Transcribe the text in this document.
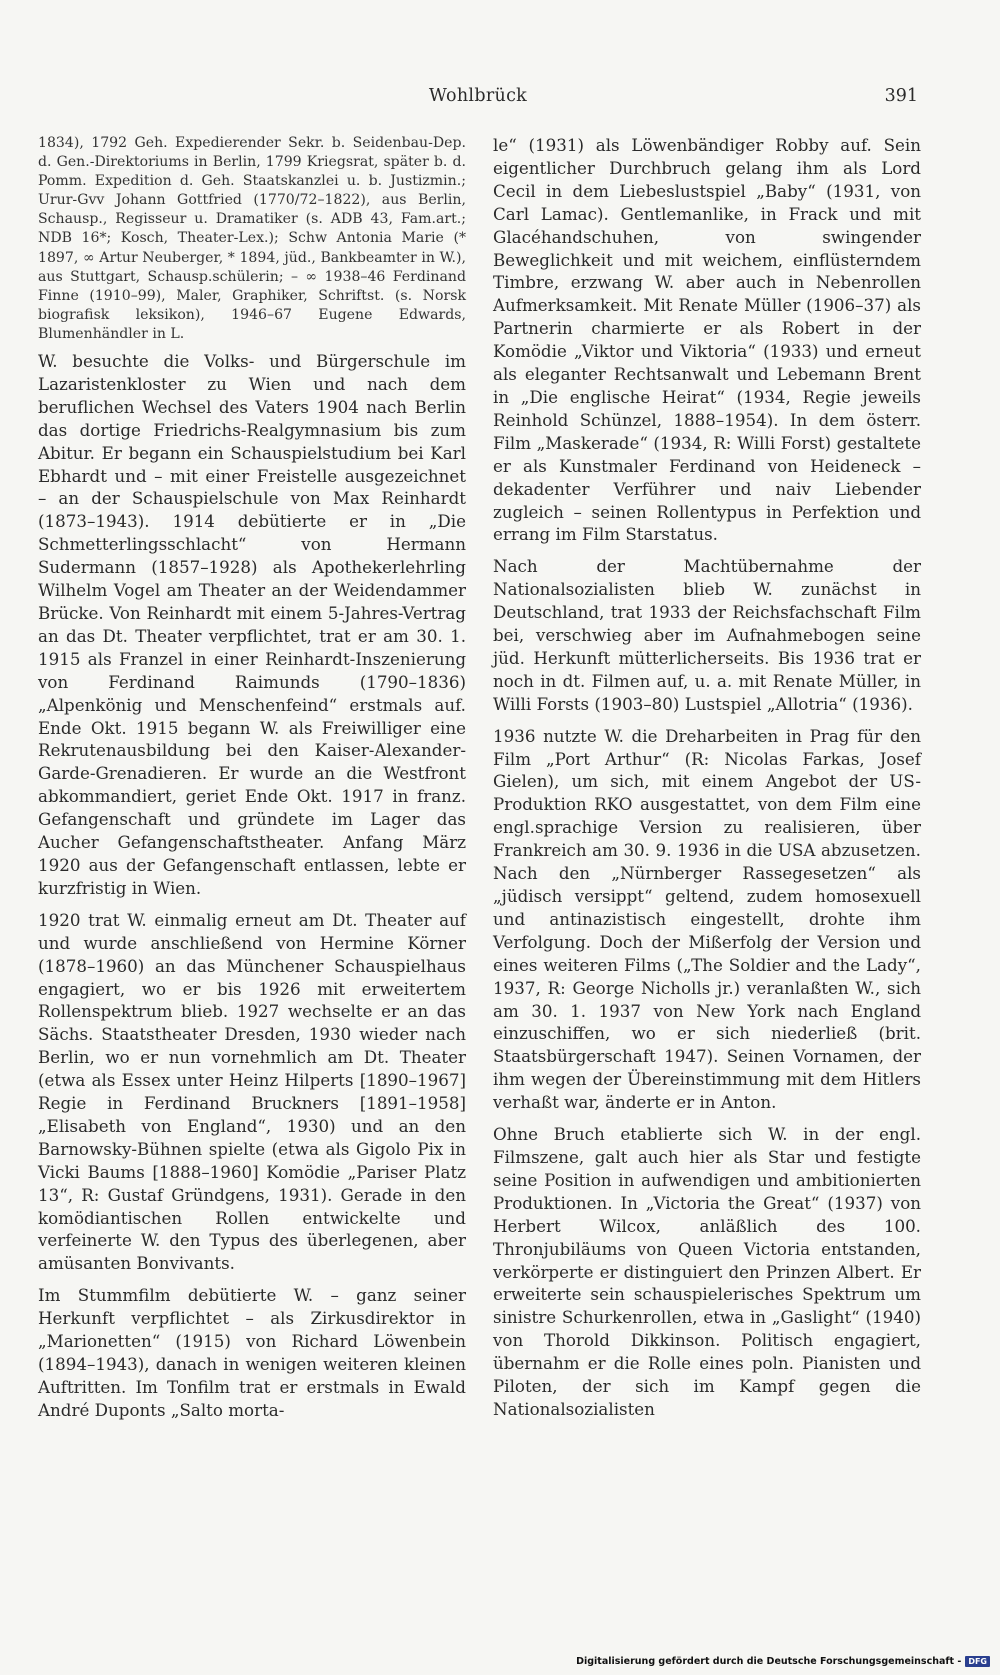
Wohlbrück	391

1834), 1792 Geh. Expedierender Sekr. b. Seidenbau-Dep. d. Gen.-Direktoriums in Berlin, 1799 Kriegsrat, später b. d. Pomm. Expedition d. Geh. Staatskanzlei u. b. Justizmin.; Urur-Gvv Johann Gottfried (1770/72–1822), aus Berlin, Schausp., Regisseur u. Dramatiker (s. ADB 43, Fam.art.; NDB 16*; Kosch, Theater-Lex.); Schw Antonia Marie (* 1897, ∞ Artur Neuberger, * 1894, jüd., Bankbeamter in W.), aus Stuttgart, Schausp.schülerin; – ∞ 1938–46 Ferdinand Finne (1910–99), Maler, Graphiker, Schriftst. (s. Norsk biografisk leksikon), 1946–67 Eugene Edwards, Blumenhändler in L.

W. besuchte die Volks- und Bürgerschule im Lazaristenkloster zu Wien und nach dem beruflichen Wechsel des Vaters 1904 nach Berlin das dortige Friedrichs-Realgymnasium bis zum Abitur. Er begann ein Schauspielstudium bei Karl Ebhardt und – mit einer Freistelle ausgezeichnet – an der Schauspielschule von Max Reinhardt (1873–1943). 1914 debütierte er in „Die Schmetterlingsschlacht“ von Hermann Sudermann (1857–1928) als Apothekerlehrling Wilhelm Vogel am Theater an der Weidendammer Brücke. Von Reinhardt mit einem 5-Jahres-Vertrag an das Dt. Theater verpflichtet, trat er am 30. 1. 1915 als Franzel in einer Reinhardt-Inszenierung von Ferdinand Raimunds (1790–1836) „Alpenkönig und Menschenfeind“ erstmals auf. Ende Okt. 1915 begann W. als Freiwilliger eine Rekrutenausbildung bei den Kaiser-Alexander-Garde-Grenadieren. Er wurde an die Westfront abkommandiert, geriet Ende Okt. 1917 in franz. Gefangenschaft und gründete im Lager das Aucher Gefangenschaftstheater. Anfang März 1920 aus der Gefangenschaft entlassen, lebte er kurzfristig in Wien.

1920 trat W. einmalig erneut am Dt. Theater auf und wurde anschließend von Hermine Körner (1878–1960) an das Münchener Schauspielhaus engagiert, wo er bis 1926 mit erweitertem Rollenspektrum blieb. 1927 wechselte er an das Sächs. Staatstheater Dresden, 1930 wieder nach Berlin, wo er nun vornehmlich am Dt. Theater (etwa als Essex unter Heinz Hilperts [1890–1967] Regie in Ferdinand Bruckners [1891–1958] „Elisabeth von England“, 1930) und an den Barnowsky-Bühnen spielte (etwa als Gigolo Pix in Vicki Baums [1888–1960] Komödie „Pariser Platz 13“, R: Gustaf Gründgens, 1931). Gerade in den komödiantischen Rollen entwickelte und verfeinerte W. den Typus des überlegenen, aber amüsanten Bonvivants.

Im Stummfilm debütierte W. – ganz seiner Herkunft verpflichtet – als Zirkusdirektor in „Marionetten“ (1915) von Richard Löwenbein (1894–1943), danach in wenigen weiteren kleinen Auftritten. Im Tonfilm trat er erstmals in Ewald André Duponts „Salto morta-

le“ (1931) als Löwenbändiger Robby auf. Sein eigentlicher Durchbruch gelang ihm als Lord Cecil in dem Liebeslustspiel „Baby“ (1931, von Carl Lamac). Gentlemanlike, in Frack und mit Glacéhandschuhen, von swingender Beweglichkeit und mit weichem, einflüsterndem Timbre, erzwang W. aber auch in Nebenrollen Aufmerksamkeit. Mit Renate Müller (1906–37) als Partnerin charmierte er als Robert in der Komödie „Viktor und Viktoria“ (1933) und erneut als eleganter Rechtsanwalt und Lebemann Brent in „Die englische Heirat“ (1934, Regie jeweils Reinhold Schünzel, 1888–1954). In dem österr. Film „Maskerade“ (1934, R: Willi Forst) gestaltete er als Kunstmaler Ferdinand von Heideneck – dekadenter Verführer und naiv Liebender zugleich – seinen Rollentypus in Perfektion und errang im Film Starstatus.

Nach der Machtübernahme der Nationalsozialisten blieb W. zunächst in Deutschland, trat 1933 der Reichsfachschaft Film bei, verschwieg aber im Aufnahmebogen seine jüd. Herkunft mütterlicherseits. Bis 1936 trat er noch in dt. Filmen auf, u. a. mit Renate Müller, in Willi Forsts (1903–80) Lustspiel „Allotria“ (1936).

1936 nutzte W. die Dreharbeiten in Prag für den Film „Port Arthur“ (R: Nicolas Farkas, Josef Gielen), um sich, mit einem Angebot der US-Produktion RKO ausgestattet, von dem Film eine engl.sprachige Version zu realisieren, über Frankreich am 30. 9. 1936 in die USA abzusetzen. Nach den „Nürnberger Rassegesetzen“ als „jüdisch versippt“ geltend, zudem homosexuell und antinazistisch eingestellt, drohte ihm Verfolgung. Doch der Mißerfolg der Version und eines weiteren Films („The Soldier and the Lady“, 1937, R: George Nicholls jr.) veranlaßten W., sich am 30. 1. 1937 von New York nach England einzuschiffen, wo er sich niederließ (brit. Staatsbürgerschaft 1947). Seinen Vornamen, der ihm wegen der Übereinstimmung mit dem Hitlers verhaßt war, änderte er in Anton.

Ohne Bruch etablierte sich W. in der engl. Filmszene, galt auch hier als Star und festigte seine Position in aufwendigen und ambitionierten Produktionen. In „Victoria the Great“ (1937) von Herbert Wilcox, anläßlich des 100. Thronjubiläums von Queen Victoria entstanden, verkörperte er distinguiert den Prinzen Albert. Er erweiterte sein schauspielerisches Spektrum um sinistre Schurkenrollen, etwa in „Gaslight“ (1940) von Thorold Dikkinson. Politisch engagiert, übernahm er die Rolle eines poln. Pianisten und Piloten, der sich im Kampf gegen die Nationalsozialisten

Digitalisierung gefördert durch die Deutsche Forschungsgemeinschaft - DFG
